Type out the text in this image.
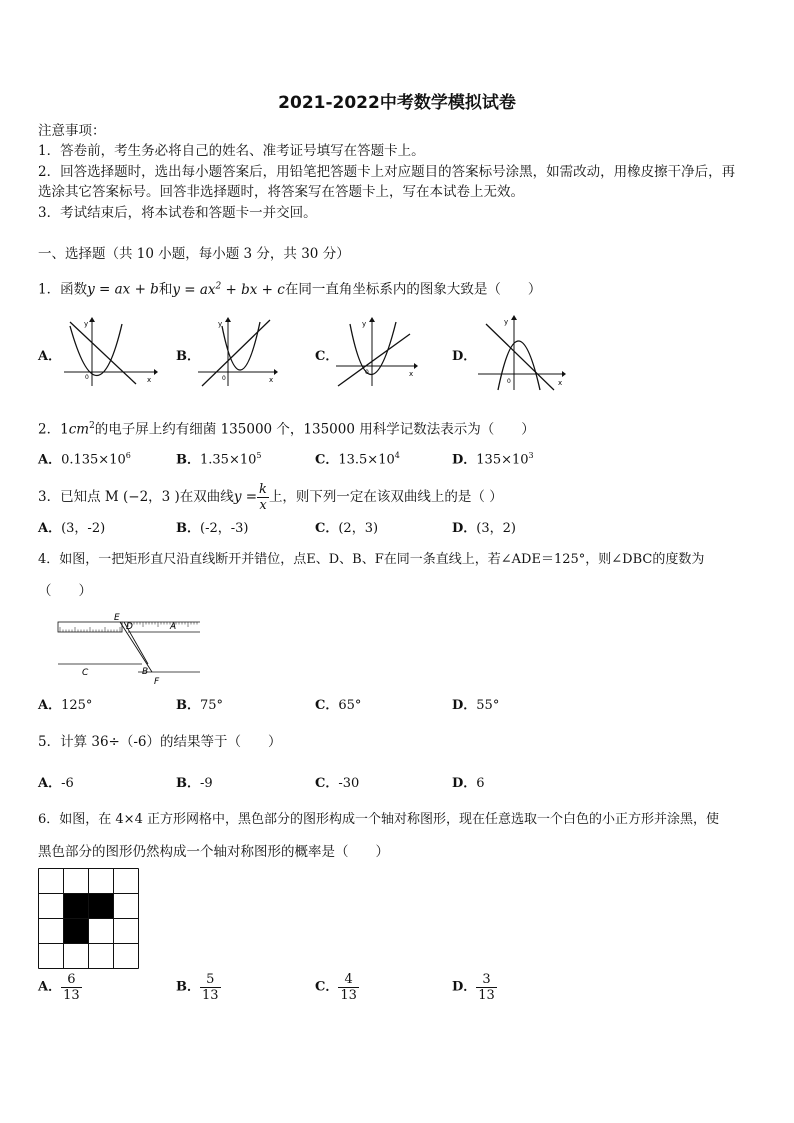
2021-2022中考数学模拟试卷
注意事项：
1．答卷前，考生务必将自己的姓名、准考证号填写在答题卡上。
2．回答选择题时，选出每小题答案后，用铅笔把答题卡上对应题目的答案标号涂黑，如需改动，用橡皮擦干净后，再
选涂其它答案标号。回答非选择题时，将答案写在答题卡上，写在本试卷上无效。
3．考试结束后，将本试卷和答题卡一并交回。
一、选择题（共 10 小题，每小题 3 分，共 30 分）
1．函数y = ax + b和$y = ax^2$ + bx + c在同一直角坐标系内的图象大致是（　　）
A．	B．	C．	D．
x
y
0	x
y
0
x
y
0
x
y
0
2．$1cm^2$的电子屏上约有细菌 135000 个，135000 用科学记数法表示为（　　）
A．$0.135\times 10^6$	B．$1.35\times 10^5$	C．$13.5\times 10^4$	D．$135\times 10^3$
3．已知点 M (−2，3 )在双曲线$y = \frac{k}{x}$ 上，则下列一定在该双曲线上的是（ ）
A．(3，-2)	B．(-2，-3)	C．(2，3)	D．(3，2)
4．如图，一把矩形直尺沿直线断开并错位，点E、D、B、F在同一条直线上，若∠ADE＝125°，则∠DBC的度数为
（　　）
E
D	A
C	B
F
A．125°	B．75°	C．65°	D．55°
5．计算 36÷（-6）的结果等于（　　）
A．-6	B．-9	C．-30	D．6
6．如图，在 4×4 正方形网格中，黑色部分的图形构成一个轴对称图形，现在任意选取一个白色的小正方形并涂黑，使
黑色部分的图形仍然构成一个轴对称图形的概率是（　　）
A． $\frac{6}{13}$	B． $\frac{5}{13}$	C． $\frac{4}{13}$	D． $\frac{3}{13}$
